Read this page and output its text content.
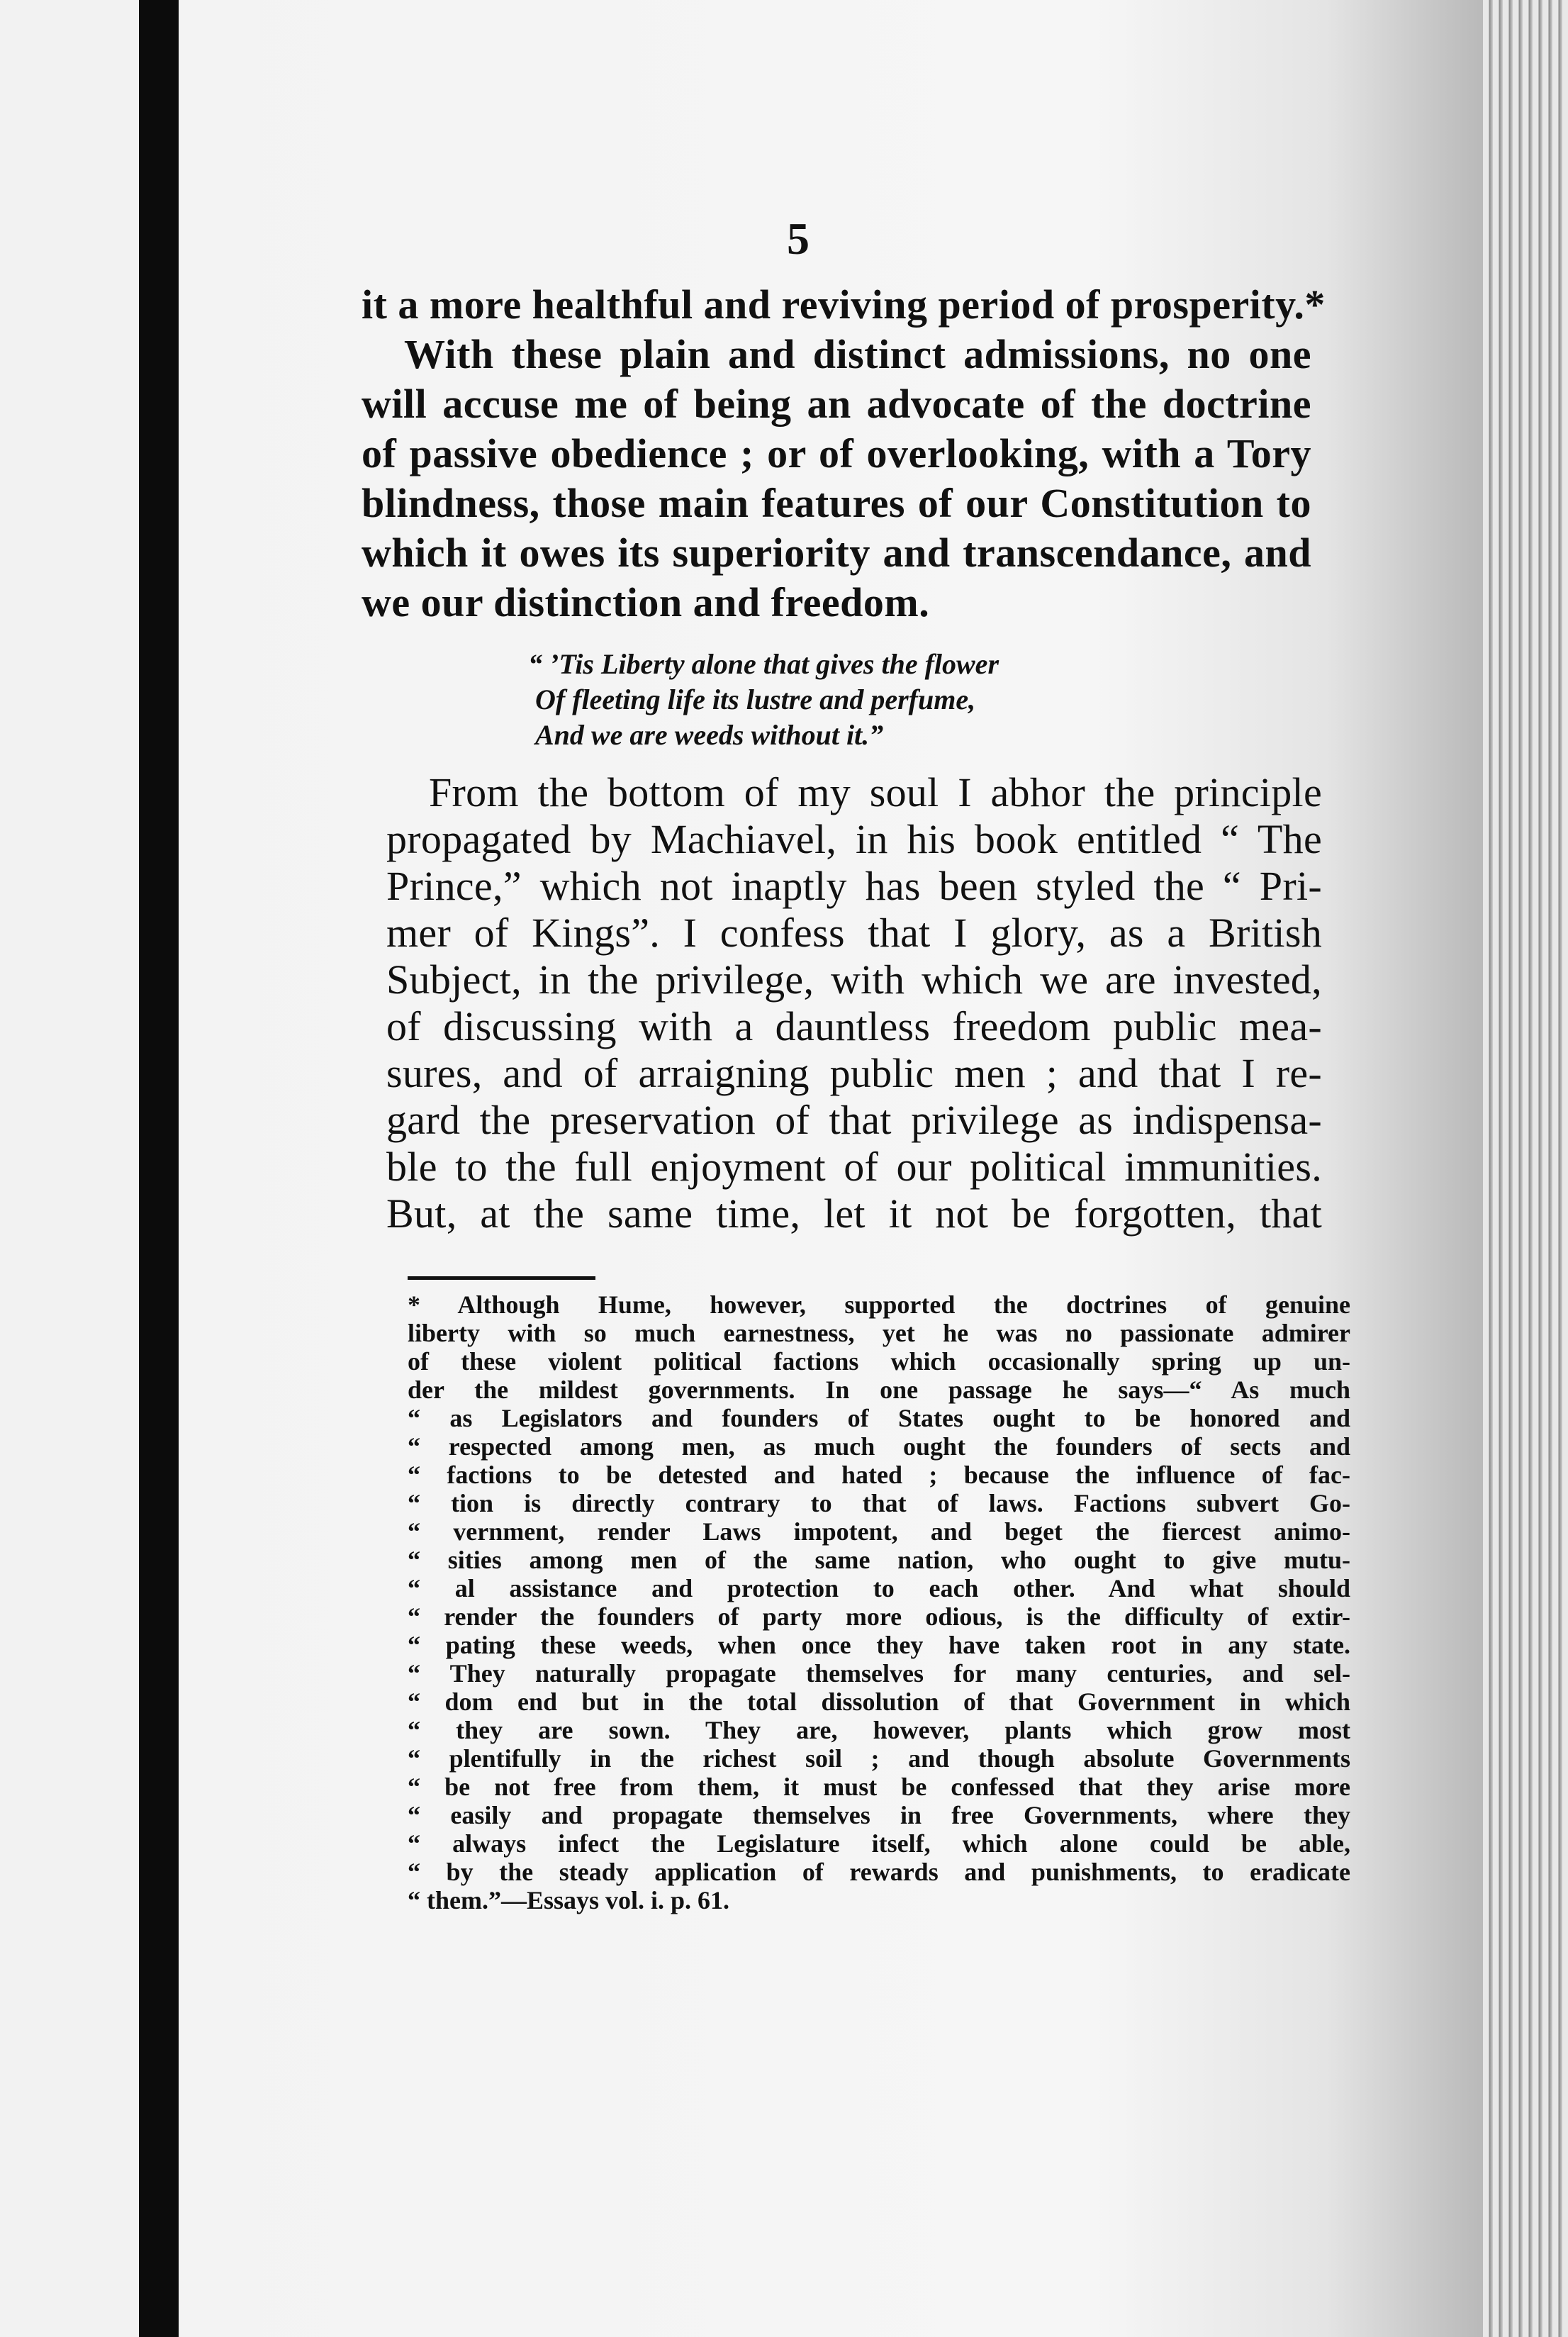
5
it a more healthful and reviving period of prosperity.*
With these plain and distinct admissions, no one
will accuse me of being an advocate of the doctrine
of passive obedience ; or of overlooking, with a Tory
blindness, those main features of our Constitution to
which it owes its superiority and transcendance, and
we our distinction and freedom.
“ ’Tis Liberty alone that gives the flower
Of fleeting life its lustre and perfume,
And we are weeds without it.”
From the bottom of my soul I abhor the principle
propagated by Machiavel, in his book entitled “ The
Prince,” which not inaptly has been styled the “ Pri-
mer of Kings”. I confess that I glory, as a British
Subject, in the privilege, with which we are invested,
of discussing with a dauntless freedom public mea-
sures, and of arraigning public men ; and that I re-
gard the preservation of that privilege as indispensa-
ble to the full enjoyment of our political immunities.
But, at the same time, let it not be forgotten, that
* Although Hume, however, supported the doctrines of genuine
liberty with so much earnestness, yet he was no passionate admirer
of these violent political factions which occasionally spring up un-
der the mildest governments. In one passage he says—“ As much
“ as Legislators and founders of States ought to be honored and
“ respected among men, as much ought the founders of sects and
“ factions to be detested and hated ; because the influence of fac-
“ tion is directly contrary to that of laws. Factions subvert Go-
“ vernment, render Laws impotent, and beget the fiercest animo-
“ sities among men of the same nation, who ought to give mutu-
“ al assistance and protection to each other. And what should
“ render the founders of party more odious, is the difficulty of extir-
“ pating these weeds, when once they have taken root in any state.
“ They naturally propagate themselves for many centuries, and sel-
“ dom end but in the total dissolution of that Government in which
“ they are sown. They are, however, plants which grow most
“ plentifully in the richest soil ; and though absolute Governments
“ be not free from them, it must be confessed that they arise more
“ easily and propagate themselves in free Governments, where they
“ always infect the Legislature itself, which alone could be able,
“ by the steady application of rewards and punishments, to eradicate
“ them.”—Essays vol. i. p. 61.
